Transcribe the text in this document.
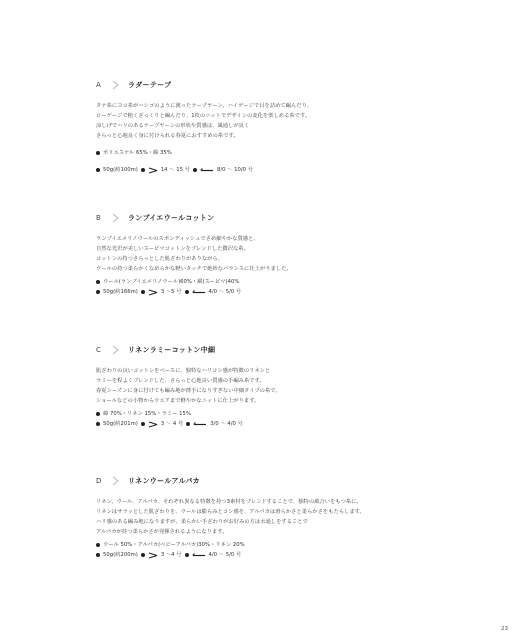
A	ラダーテープ
タテ糸にヨコ糸がハシゴのように渡ったテープヤーン。ハイゲージで目を詰めて編んだり、
ローゲージで粗くざっくりと編んだり、1枚のニットでデザインの変化を楽しめる糸です。
涼しげでハリのあるテープヤーンの形状や質感は、風通しが良く
さらっと心地良く身に付けられる春夏におすすめの糸です。
ポリエステル 65%・綿 35%
50g(約100m)	14 ～ 15 号	8/0 ～ 10/0 号
B	ランブイエウールコットン
ランブイエメリノウールのスポンディッシュでさめ細やかな質感と、
自然な光沢が美しいスーピマコットンをブレンドした贅沢な糸。
コットンの持つさらっとした肌ざわりがありながら、
ウールの持つ柔らかくなめらかな軽いタッチで絶妙なバランスに仕上がりました。
ウール(ランブイエメリノウール)60%・綿(スーピマ)40%
50g(約166m)	3 ～5 号	4/0 ～ 5/0 号
C	リネンラミーコットン中細
肌ざわりの良いコットンをベースに、独特なハリコシ感が特徴のリネンと
ラミーを程よくブレンドした、さらっと心地良い質感の手編み糸です。
春夏シーズンに身に付けても編み地が薄手になりすぎない中細タイプの糸で、
ショールなどの小物からウエアまで軽やかなニットに仕上がります。
綿 70%・リネン 15%・ラミー 15%
50g(約201m)	3 ～ 4 号	3/0 ～ 4/0 号
D	リネンウールアルパカ
リネン、ウール、アルパカ、それぞれ異なる特徴を持つ3素材をブレンドすることで、独特の風合いをもつ糸に。
リネンはサラッとした肌ざわりを、ウールは膨らみとコシ感を、アルパカは滑らかさと柔らかさをもたらします。
ハリ感のある編み地になりますが、柔らかい手ざわりがお好みの方は水通しをすることで
アルパカが持つ柔らかさが発揮されるようになります。
ウール 50%・アルパカ(ベビーアルパカ)30%・リネン 20%
50g(約200m)	3 ～4 号	4/0 ～ 5/0 号
23
